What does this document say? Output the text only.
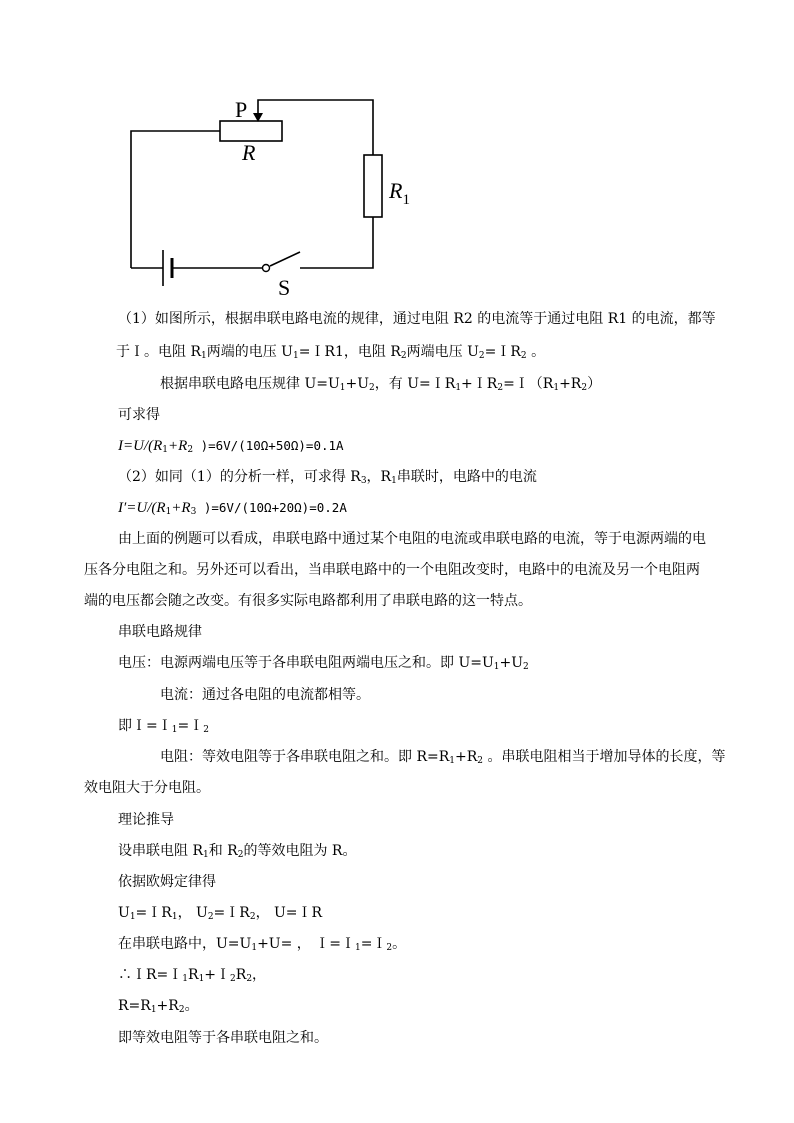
P
R
$R_1$
S
（1）如图所示，根据串联电路电流的规律，通过电阻 R2 的电流等于通过电阻 R1 的电流，都等
于Ｉ。电阻 $R_1$两端的电压 $U_1=IR1$，电阻 $R_2$两端电压 $U_2=IR_2$ 。
根据串联电路电压规律 $U=U_1+U_2$，有 $U=IR_1+IR_2=I(R_1+R_2)$
可求得
$I=U/(R_1+R_2$ )=6V/(10Ω+50Ω)=0.1A
（2）如同（1）的分析一样，可求得 $R_3$，$R_1$串联时，电路中的电流
$I'=U/(R_1+R_3$ )=6V/(10Ω+20Ω)=0.2A
由上面的例题可以看成，串联电路中通过某个电阻的电流或串联电路的电流，等于电源两端的电
压各分电阻之和。另外还可以看出，当串联电路中的一个电阻改变时，电路中的电流及另一个电阻两
端的电压都会随之改变。有很多实际电路都利用了串联电路的这一特点。
串联电路规律
电压：电源两端电压等于各串联电阻两端电压之和。即 $U=U_1+U_2$
电流：通过各电阻的电流都相等。
即Ｉ=Ｉ$_1$=Ｉ$_2$
电阻：等效电阻等于各串联电阻之和。即 $R=R_1+R_2$ 。串联电阻相当于增加导体的长度，等
效电阻大于分电阻。
理论推导
设串联电阻 $R_1$和 $R_2$的等效电阻为 R。
依据欧姆定律得
$U_1=IR_1$， $U_2=IR_2$， U=ＩR
在串联电路中，$U=U_1+U=$ ， Ｉ=Ｉ$_1$=Ｉ$_2$。
$\therefore IR=I_1R_1+I_2R_2$，
$R=R_1+R_2$。
即等效电阻等于各串联电阻之和。
